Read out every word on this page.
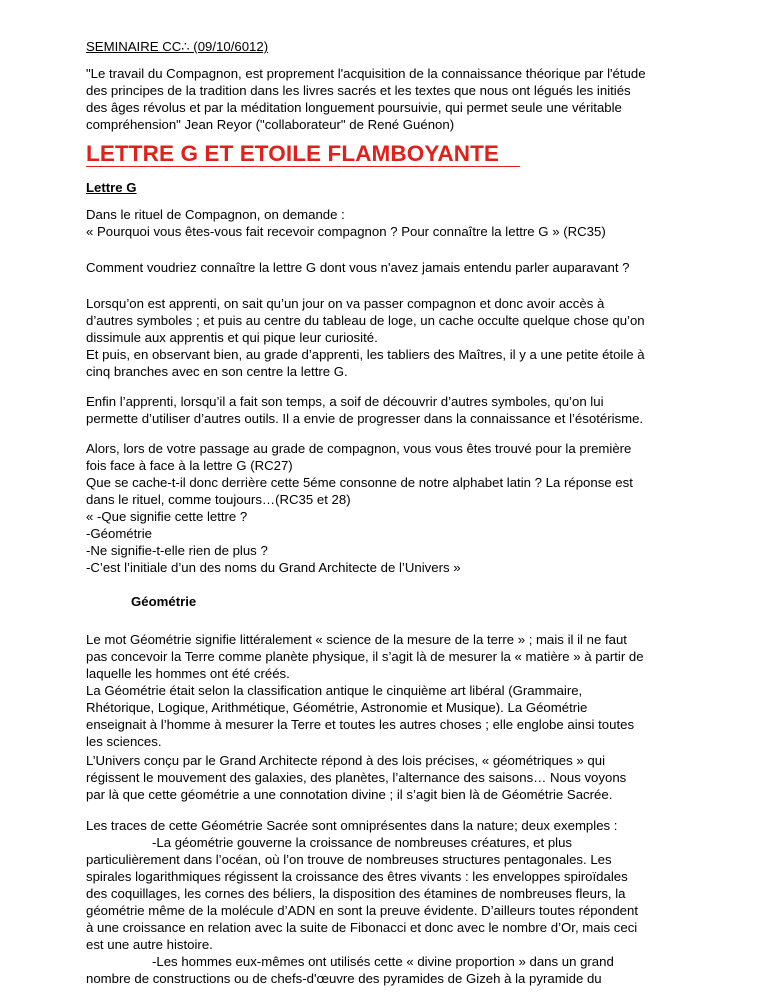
SEMINAIRE CC∴ (09/10/6012)
"Le travail du Compagnon, est proprement l'acquisition de la connaissance théorique par l'étude
des principes de la tradition dans les livres sacrés et les textes que nous ont légués les initiés
des âges révolus et par la méditation longuement poursuivie, qui permet seule une véritable
compréhension" Jean Reyor ("collaborateur" de René Guénon)
LETTRE G ET ETOILE FLAMBOYANTE
Lettre G
Dans le rituel de Compagnon, on demande :
« Pourquoi vous êtes-vous fait recevoir compagnon ? Pour connaître la lettre G » (RC35)
Comment voudriez connaître la lettre G dont vous n'avez jamais entendu parler auparavant ?
Lorsqu’on est apprenti, on sait qu’un jour on va passer compagnon et donc avoir accès à
d’autres symboles ; et puis au centre du tableau de loge, un cache occulte quelque chose qu’on
dissimule aux apprentis et qui pique leur curiosité.
Et puis, en observant bien, au grade d’apprenti, les tabliers des Maîtres, il y a une petite étoile à
cinq branches avec en son centre la lettre G.
Enfin l’apprenti, lorsqu’il a fait son temps, a soif de découvrir d’autres symboles, qu’on lui
permette d’utiliser d’autres outils. Il a envie de progresser dans la connaissance et l’ésotérisme.
Alors, lors de votre passage au grade de compagnon, vous vous êtes trouvé pour la première
fois face à face à la lettre G (RC27)
Que se cache-t-il donc derrière cette 5éme consonne de notre alphabet latin ? La réponse est
dans le rituel, comme toujours…(RC35 et 28)
« -Que signifie cette lettre ?
-Géométrie
-Ne signifie-t-elle rien de plus ?
-C’est l’initiale d’un des noms du Grand Architecte de l’Univers »
Géométrie
Le mot Géométrie signifie littéralement « science de la mesure de la terre » ; mais il il ne faut
pas concevoir la Terre comme planète physique, il s’agit là de mesurer la « matière » à partir de
laquelle les hommes ont été créés.
La Géométrie était selon la classification antique le cinquième art libéral (Grammaire,
Rhétorique, Logique, Arithmétique, Géométrie, Astronomie et Musique). La Géométrie
enseignait à l’homme à mesurer la Terre et toutes les autres choses ; elle englobe ainsi toutes
les sciences.
L’Univers conçu par le Grand Architecte répond à des lois précises, « géométriques » qui
régissent le mouvement des galaxies, des planètes, l’alternance des saisons… Nous voyons
par là que cette géométrie a une connotation divine ; il s’agit bien là de Géométrie Sacrée.
Les traces de cette Géométrie Sacrée sont omniprésentes dans la nature; deux exemples :
-La géométrie gouverne la croissance de nombreuses créatures, et plus
particulièrement dans l’océan, où l’on trouve de nombreuses structures pentagonales. Les
spirales logarithmiques régissent la croissance des êtres vivants : les enveloppes spiroïdales
des coquillages, les cornes des béliers, la disposition des étamines de nombreuses fleurs, la
géométrie même de la molécule d’ADN en sont la preuve évidente. D’ailleurs toutes répondent
à une croissance en relation avec la suite de Fibonacci et donc avec le nombre d’Or, mais ceci
est une autre histoire.
-Les hommes eux-mêmes ont utilisés cette « divine proportion » dans un grand
nombre de constructions ou de chefs-d'œuvre des pyramides de Gizeh à la pyramide du
